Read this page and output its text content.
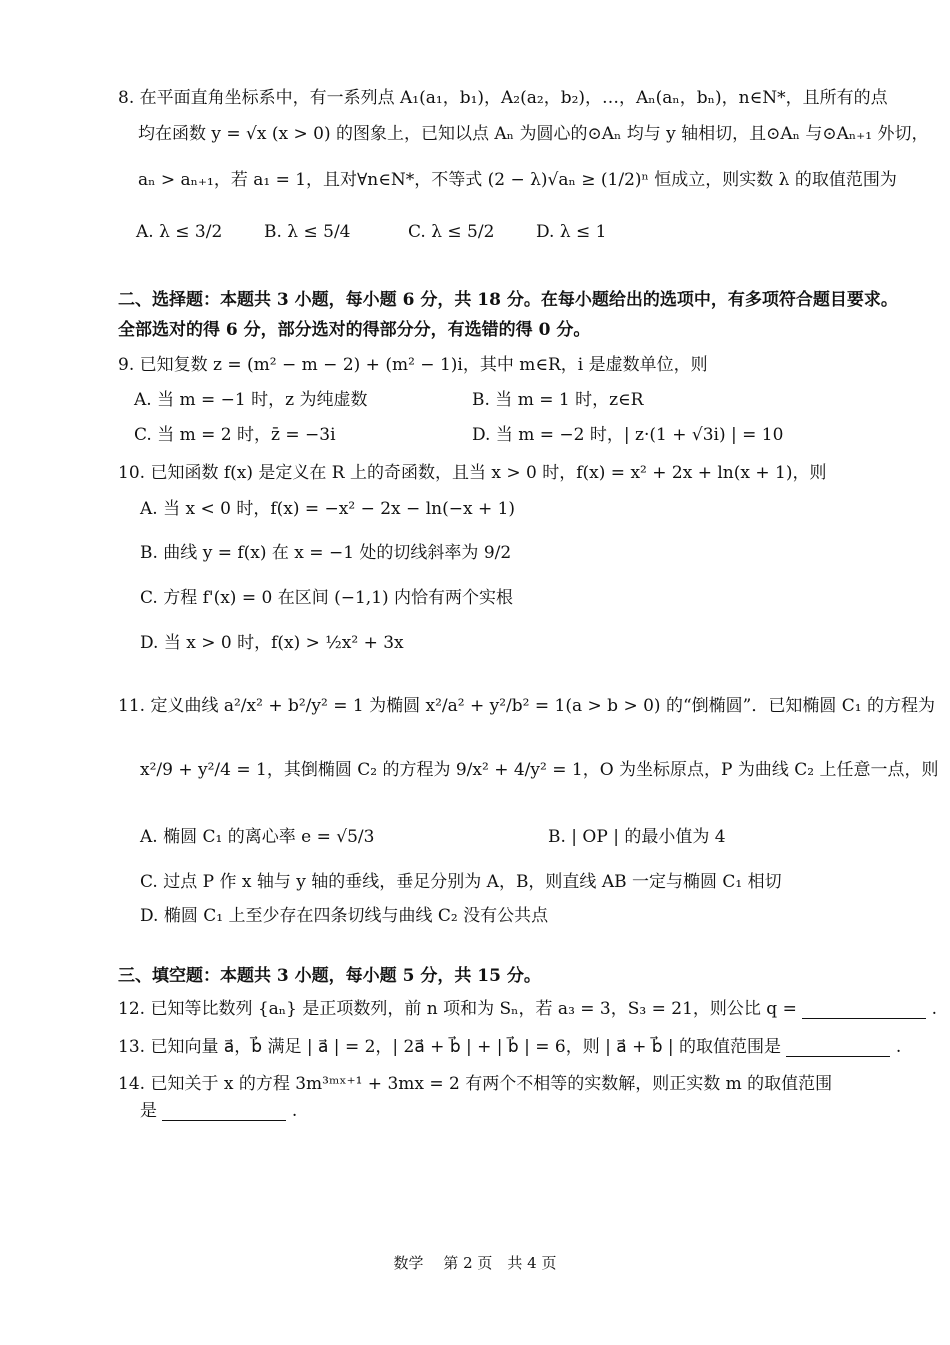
8. 在平面直角坐标系中，有一系列点 A₁(a₁，b₁)，A₂(a₂，b₂)，…，Aₙ(aₙ，bₙ)，n∈N*，且所有的点
均在函数 y = √x (x > 0) 的图象上，已知以点 Aₙ 为圆心的⊙Aₙ 均与 y 轴相切，且⊙Aₙ 与⊙Aₙ₊₁ 外切，
aₙ > aₙ₊₁，若 a₁ = 1，且对∀n∈N*，不等式 (2 − λ)√aₙ ≥ (1/2)ⁿ 恒成立，则实数 λ 的取值范围为
A. λ ≤ 3/2	B. λ ≤ 5/4	C. λ ≤ 5/2	D. λ ≤ 1
二、选择题：本题共 3 小题，每小题 6 分，共 18 分。在每小题给出的选项中，有多项符合题目要求。
全部选对的得 6 分，部分选对的得部分分，有选错的得 0 分。
9. 已知复数 z = (m² − m − 2) + (m² − 1)i，其中 m∈R，i 是虚数单位，则
A. 当 m = −1 时，z 为纯虚数	B. 当 m = 1 时，z∈R
C. 当 m = 2 时，z̄ = −3i	D. 当 m = −2 时，| z·(1 + √3i) | = 10
10. 已知函数 f(x) 是定义在 R 上的奇函数，且当 x > 0 时，f(x) = x² + 2x + ln(x + 1)，则
A. 当 x < 0 时，f(x) = −x² − 2x − ln(−x + 1)
B. 曲线 y = f(x) 在 x = −1 处的切线斜率为 9/2
C. 方程 f'(x) = 0 在区间 (−1,1) 内恰有两个实根
D. 当 x > 0 时，f(x) > ½x² + 3x
11. 定义曲线 a²/x² + b²/y² = 1 为椭圆 x²/a² + y²/b² = 1(a > b > 0) 的“倒椭圆”．已知椭圆 C₁ 的方程为
x²/9 + y²/4 = 1，其倒椭圆 C₂ 的方程为 9/x² + 4/y² = 1，O 为坐标原点，P 为曲线 C₂ 上任意一点，则
A. 椭圆 C₁ 的离心率 e = √5/3	B. | OP | 的最小值为 4
C. 过点 P 作 x 轴与 y 轴的垂线，垂足分别为 A，B，则直线 AB 一定与椭圆 C₁ 相切
D. 椭圆 C₁ 上至少存在四条切线与曲线 C₂ 没有公共点
三、填空题：本题共 3 小题，每小题 5 分，共 15 分。
12. 已知等比数列 {aₙ} 是正项数列，前 n 项和为 Sₙ，若 a₃ = 3，S₃ = 21，则公比 q =	.
13. 已知向量 a⃗，b⃗ 满足 | a⃗ | = 2，| 2a⃗ + b⃗ | + | b⃗ | = 6，则 | a⃗ + b⃗ | 的取值范围是	.
14. 已知关于 x 的方程 3m³ᵐˣ⁺¹ + 3mx = 2 有两个不相等的实数解，则正实数 m 的取值范围
是	.
数学　 第 2 页　共 4 页
